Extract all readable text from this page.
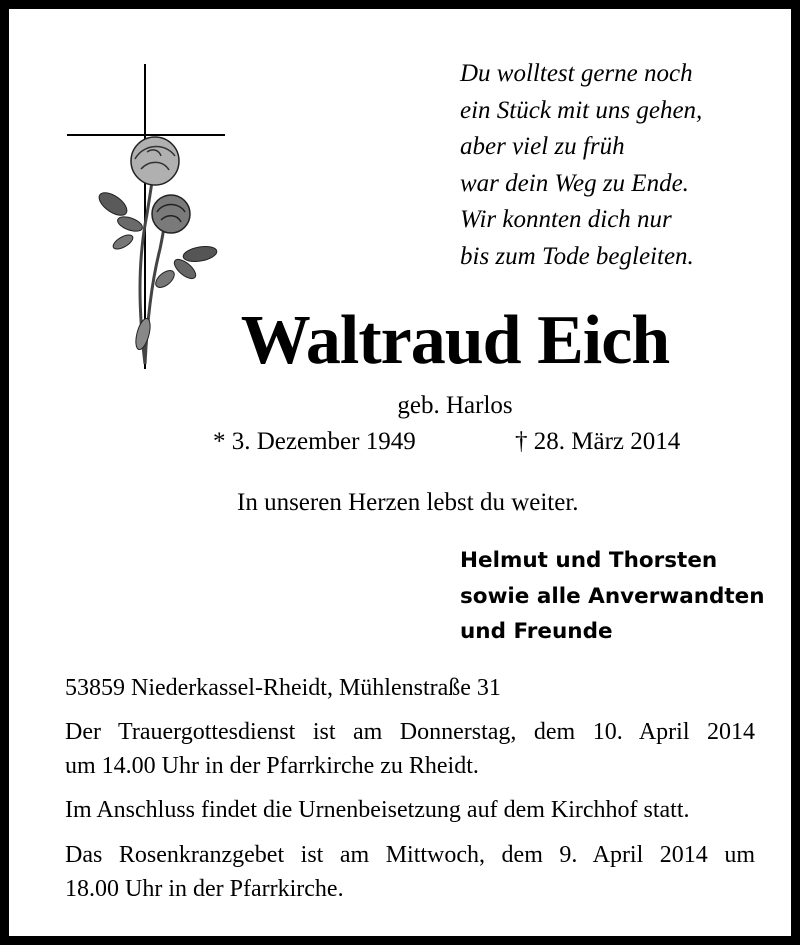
Du wolltest gerne noch
ein Stück mit uns gehen,
aber viel zu früh
war dein Weg zu Ende.
Wir konnten dich nur
bis zum Tode begleiten.
Waltraud Eich
geb. Harlos
* 3. Dezember 1949	† 28. März 2014
In unseren Herzen lebst du weiter.
Helmut und Thorsten
sowie alle Anverwandten
und Freunde
53859 Niederkassel-Rheidt, Mühlenstraße 31
Der Trauergottesdienst ist am Donnerstag, dem 10. April 2014
um 14.00 Uhr in der Pfarrkirche zu Rheidt.
Im Anschluss findet die Urnenbeisetzung auf dem Kirchhof statt.
Das Rosenkranzgebet ist am Mittwoch, dem 9. April 2014 um
18.00 Uhr in der Pfarrkirche.
